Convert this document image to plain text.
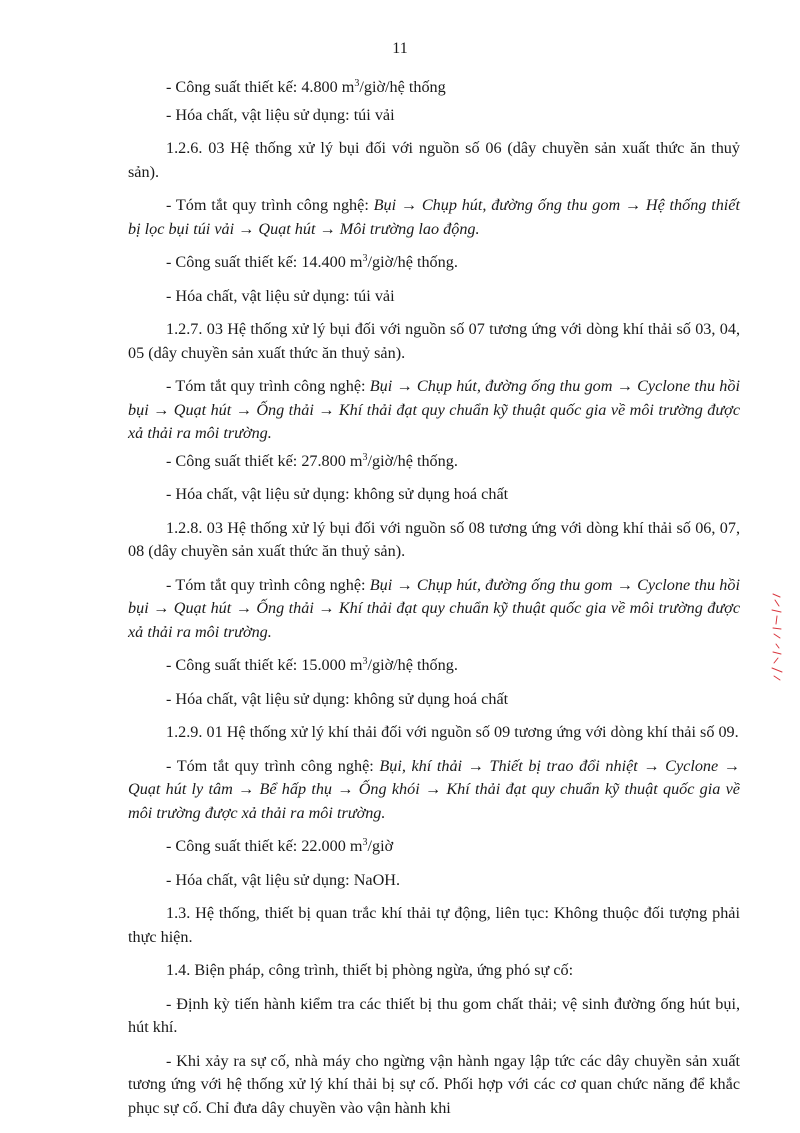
11

- Công suất thiết kế: 4.800 $m^3/giờ/hệ$ thống

- Hóa chất, vật liệu sử dụng: túi vải

1.2.6. 03 Hệ thống xử lý bụi đối với nguồn số 06 (dây chuyền sản xuất thức ăn thuỷ sản).

- Tóm tắt quy trình công nghệ: Bụi → Chụp hút, đường ống thu gom → Hệ thống thiết bị lọc bụi túi vải → Quạt hút → Môi trường lao động.

- Công suất thiết kế: 14.400 $m^3/giờ/hệ$ thống.

- Hóa chất, vật liệu sử dụng: túi vải

1.2.7. 03 Hệ thống xử lý bụi đối với nguồn số 07 tương ứng với dòng khí thải số 03, 04, 05 (dây chuyền sản xuất thức ăn thuỷ sản).

- Tóm tắt quy trình công nghệ: Bụi → Chụp hút, đường ống thu gom → Cyclone thu hồi bụi → Quạt hút → Ống thải → Khí thải đạt quy chuẩn kỹ thuật quốc gia về môi trường được xả thải ra môi trường.

- Công suất thiết kế: 27.800 $m^3/giờ/hệ$ thống.

- Hóa chất, vật liệu sử dụng: không sử dụng hoá chất

1.2.8. 03 Hệ thống xử lý bụi đối với nguồn số 08 tương ứng với dòng khí thải số 06, 07, 08 (dây chuyền sản xuất thức ăn thuỷ sản).

- Tóm tắt quy trình công nghệ: Bụi → Chụp hút, đường ống thu gom → Cyclone thu hồi bụi → Quạt hút → Ống thải → Khí thải đạt quy chuẩn kỹ thuật quốc gia về môi trường được xả thải ra môi trường.

- Công suất thiết kế: 15.000 $m^3/giờ/hệ$ thống.

- Hóa chất, vật liệu sử dụng: không sử dụng hoá chất

1.2.9. 01 Hệ thống xử lý khí thải đối với nguồn số 09 tương ứng với dòng khí thải số 09.

- Tóm tắt quy trình công nghệ: Bụi, khí thải → Thiết bị trao đổi nhiệt → Cyclone → Quạt hút ly tâm → Bể hấp thụ → Ống khói → Khí thải đạt quy chuẩn kỹ thuật quốc gia về môi trường được xả thải ra môi trường.

- Công suất thiết kế: 22.000 $m^3$/giờ

- Hóa chất, vật liệu sử dụng: NaOH.

1.3. Hệ thống, thiết bị quan trắc khí thải tự động, liên tục: Không thuộc đối tượng phải thực hiện.

1.4. Biện pháp, công trình, thiết bị phòng ngừa, ứng phó sự cố:

- Định kỳ tiến hành kiểm tra các thiết bị thu gom chất thải; vệ sinh đường ống hút bụi, hút khí.

- Khi xảy ra sự cố, nhà máy cho ngừng vận hành ngay lập tức các dây chuyền sản xuất tương ứng với hệ thống xử lý khí thải bị sự cố. Phối hợp với các cơ quan chức năng để khắc phục sự cố. Chỉ đưa dây chuyền vào vận hành khi
